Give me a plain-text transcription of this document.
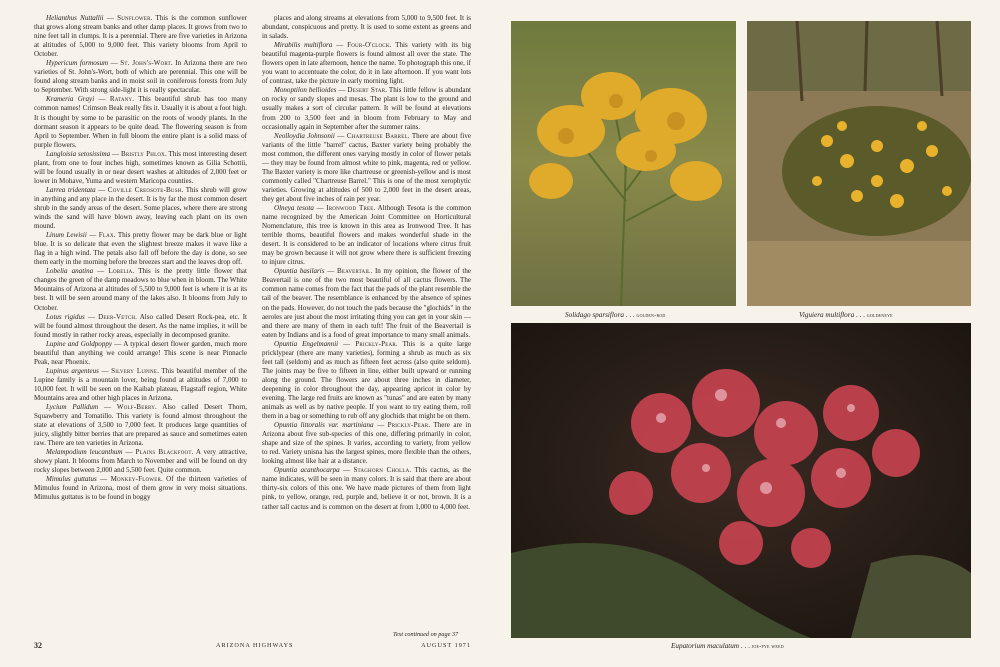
Helianthus Nuttallii — Sunflower. This is the common sunflower that grows along stream banks and other damp places. It grows from two to nine feet tall in clumps. It is a perennial. There are five varieties in Arizona at altitudes of 5,000 to 9,000 feet. This variety blooms from April to October.

Hypericum formosum — St. John's-Wort. In Arizona there are two varieties of St. John's-Wort, both of which are perennial. This one will be found along stream banks and in moist soil in coniferous forests from July to September. With strong side-light it is really spectacular.

Krameria Grayi — Ratany. This beautiful shrub has too many common names! Crimson Beak really fits it. Usually it is about a foot high. It is thought by some to be parasitic on the roots of woody plants. In the dormant season it appears to be quite dead. The flowering season is from April to September. When in full bloom the entire plant is a solid mass of purple flowers.

Langloisia setosissima — Bristly Phlox. This most interesting desert plant, from one to four inches high, sometimes known as Gilia Schottii, will be found usually in or near desert washes at altitudes of 2,000 feet or lower in Mohave, Yuma and western Maricopa counties.

Larrea tridentata — Coville Creosote-Bush. This shrub will grow in anything and any place in the desert. It is by far the most common desert shrub in the sandy areas of the desert. Some places, where there are strong winds the sand will have blown away, leaving each plant on its own mound.

Linum Lewisii — Flax. This pretty flower may be dark blue or light blue. It is so delicate that even the slightest breeze makes it wave like a flag in a high wind. The petals also fall off before the day is done, so see them early in the morning before the breezes start and the leaves drop off.

Lobelia anatina — Lobelia. This is the pretty little flower that changes the green of the damp meadows to blue when in bloom. The White Mountains of Arizona at altitudes of 5,500 to 9,000 feet is where it is at its best. It will be seen around many of the lakes also. It blooms from July to October.

Lotus rigidus — Deer-Vetch. Also called Desert Rock-pea, etc. It will be found almost throughout the desert. As the name implies, it will be found mostly in rather rocky areas, especially in decomposed granite.

Lupine and Goldpoppy — A typical desert flower garden, much more beautiful than anything we could arrange! This scene is near Pinnacle Peak, near Phoenix.

Lupinus argenteus — Silvery Lupine. This beautiful member of the Lupine family is a mountain lover, being found at altitudes of 7,000 to 10,000 feet. It will be seen on the Kaibab plateau, Flagstaff region, White Mountains area and other high places in Arizona.

Lycium Pallidum — Wolf-Berry. Also called Desert Thorn, Squawberry and Tomatillo. This variety is found almost throughout the state at elevations of 3,500 to 7,000 feet. It produces large quantities of juicy, slightly bitter berries that are prepared as sauce and sometimes eaten raw. There are ten varieties in Arizona.

Melampodium leucanthum — Plains Blackfoot. A very attractive, showy plant. It blooms from March to November and will be found on dry rocky slopes between 2,000 and 5,500 feet. Quite common.

Mimulus guttatus — Monkey-Flower. Of the thirteen varieties of Mimulus found in Arizona, most of them grow in very moist situations. Mimulus guttatus is to be found in boggy

places and along streams at elevations from 5,000 to 9,500 feet. It is abundant, conspicuous and pretty. It is used to some extent as greens and in salads.

Mirabilis multiflora — Four-O'clock. This variety with its big beautiful magenta-purple flowers is found almost all over the state. The flowers open in late afternoon, hence the name. To photograph this one, if you want to accentuate the color, do it in late afternoon. If you want lots of contrast, take the picture in early morning light.

Monoptilon bellioides — Desert Star. This little fellow is abundant on rocky or sandy slopes and mesas. The plant is low to the ground and usually makes a sort of circular pattern. It will be found at elevations from 200 to 3,500 feet and in bloom from February to May and occasionally again in September after the summer rains.

Neolloydia Johnsonii — Chartreuse Barrel. There are about five variants of the little "barrel" cactus, Baxter variety being probably the most common, the different ones varying mostly in color of flower petals — they may be found from almost white to pink, magenta, red or yellow. The Baxter variety is more like chartreuse or greenish-yellow and is most commonly called "Chartreuse Barrel." This is one of the most xerophytic varieties. Growing at altitudes of 500 to 2,000 feet in the desert areas, they get about five inches of rain per year.

Olneya tesota — Ironwood Tree. Although Tesota is the common name recognized by the American Joint Committee on Horticultural Nomenclature, this tree is known in this area as Ironwood Tree. It has terrible thorns, beautiful flowers and makes wonderful shade in the desert. It is considered to be an indicator of locations where citrus fruit may be grown because it will not grow where there is sufficient freezing to injure citrus.

Opuntia basilaris — Beavertail. In my opinion, the flower of the Beavertail is one of the two most beautiful of all cactus flowers. The common name comes from the fact that the pads of the plant resemble the tail of the beaver. The resemblance is enhanced by the absence of spines on the pads. However, do not touch the pads because the "glochids" in the aeroles are just about the most irritating thing you can get in your skin — and there are many of them in each tuft! The fruit of the Beavertail is eaten by Indians and is a food of great importance to many small animals.

Opuntia Engelmannii — Prickly-Pear. This is a quite large pricklypear (there are many varieties), forming a shrub as much as six feet tall (seldom) and as much as fifteen feet across (also quite seldom). The joints may be five to fifteen in line, either built upward or running along the ground. The flowers are about three inches in diameter, deepening in color throughout the day, appearing apricot in color by evening. The large red fruits are known as "tunas" and are eaten by many animals as well as by native people. If you want to try eating them, roll them in a bag or something to rub off any glochids that might be on them.

Opuntia littoralis var. martiniana — Prickly-Pear. There are in Arizona about five sub-species of this one, differing primarily in color, shape and size of the spines. It varies, according to variety, from yellow to red. Variety unisna has the largest spines, more flexible than the others, looking almost like hair at a distance.

Opuntia acanthocarpa — Staghorn Cholla. This cactus, as the name indicates, will be seen in many colors. It is said that there are about thirty-six colors of this one. We have made pictures of them from light pink, to yellow, orange, red, purple and, believe it or not, brown. It is a rather tall cactus and is common on the desert at from 1,000 to 4,000 feet.

Text continued on page 37
32	ARIZONA HIGHWAYS	AUGUST 1971
Solidago sparsiflora . . . golden-rod	Viguiera multiflora . . . goldeneye
Eupatorium maculatum . . . joe-pye weed
